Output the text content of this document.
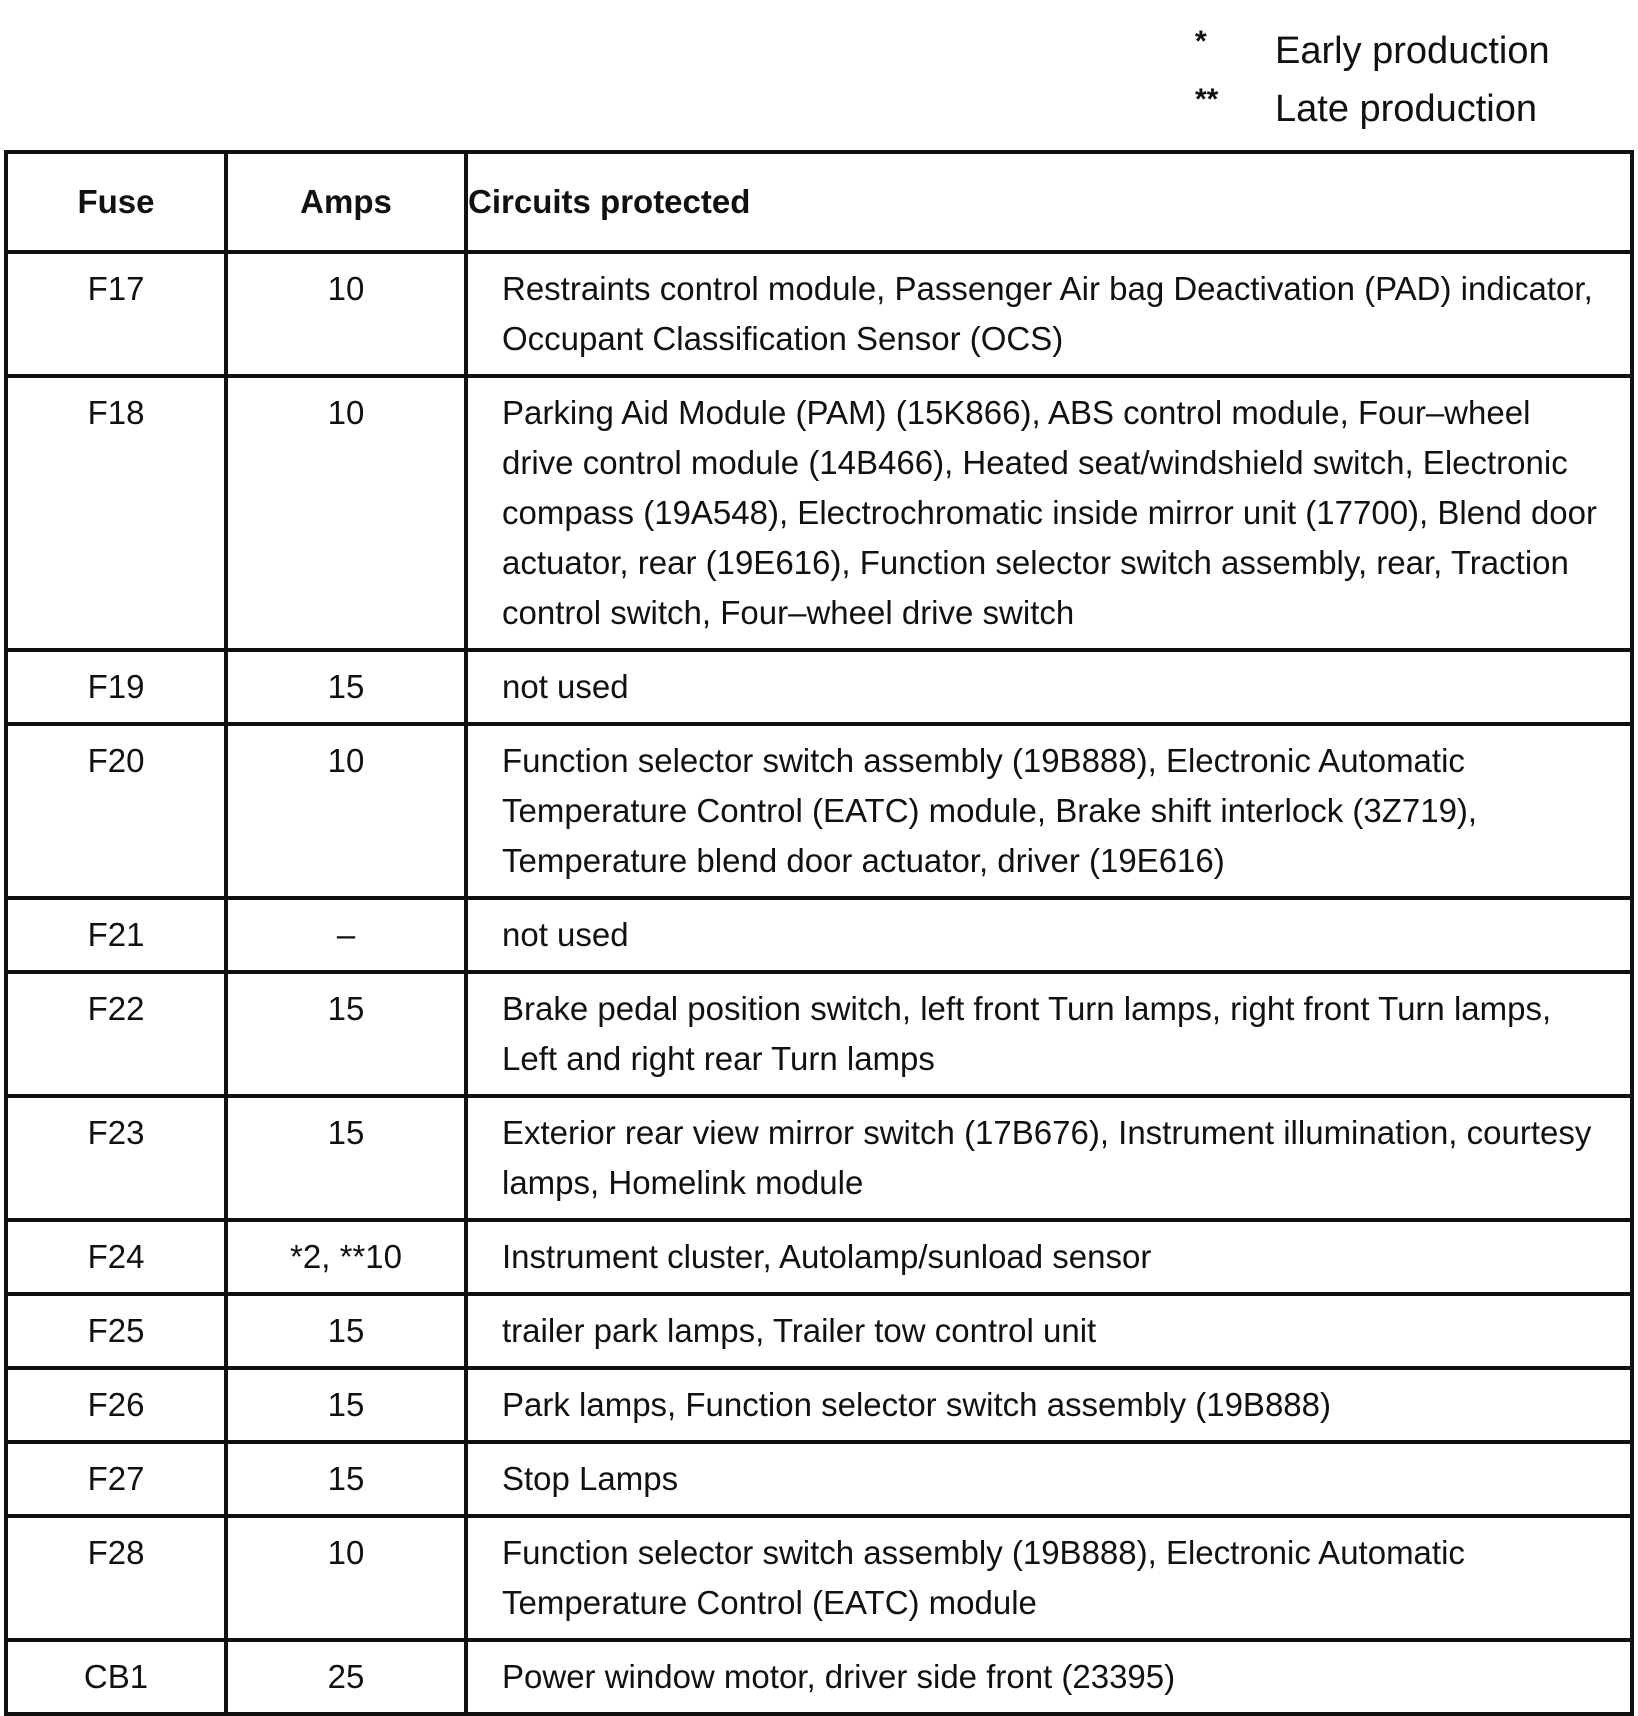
*	Early production
**	Late production
Fuse	Amps	Circuits protected

F17	10	Restraints control module, Passenger Air bag Deactivation (PAD) indicator, Occupant Classification Sensor (OCS)

F18	10	Parking Aid Module (PAM) (15K866), ABS control module, Four–wheel drive control module (14B466), Heated seat/windshield switch, Electronic compass (19A548), Electrochromatic inside mirror unit (17700), Blend door actuator, rear (19E616), Function selector switch assembly, rear, Traction control switch, Four–wheel drive switch

F19	15	not used

F20	10	Function selector switch assembly (19B888), Electronic Automatic Temperature Control (EATC) module, Brake shift interlock (3Z719), Temperature blend door actuator, driver (19E616)

F21	–	not used

F22	15	Brake pedal position switch, left front Turn lamps, right front Turn lamps, Left and right rear Turn lamps

F23	15	Exterior rear view mirror switch (17B676), Instrument illumination, courtesy lamps, Homelink module

F24	*2, **10	Instrument cluster, Autolamp/sunload sensor

F25	15	trailer park lamps, Trailer tow control unit

F26	15	Park lamps, Function selector switch assembly (19B888)

F27	15	Stop Lamps

F28	10	Function selector switch assembly (19B888), Electronic Automatic Temperature Control (EATC) module

CB1	25	Power window motor, driver side front (23395)
